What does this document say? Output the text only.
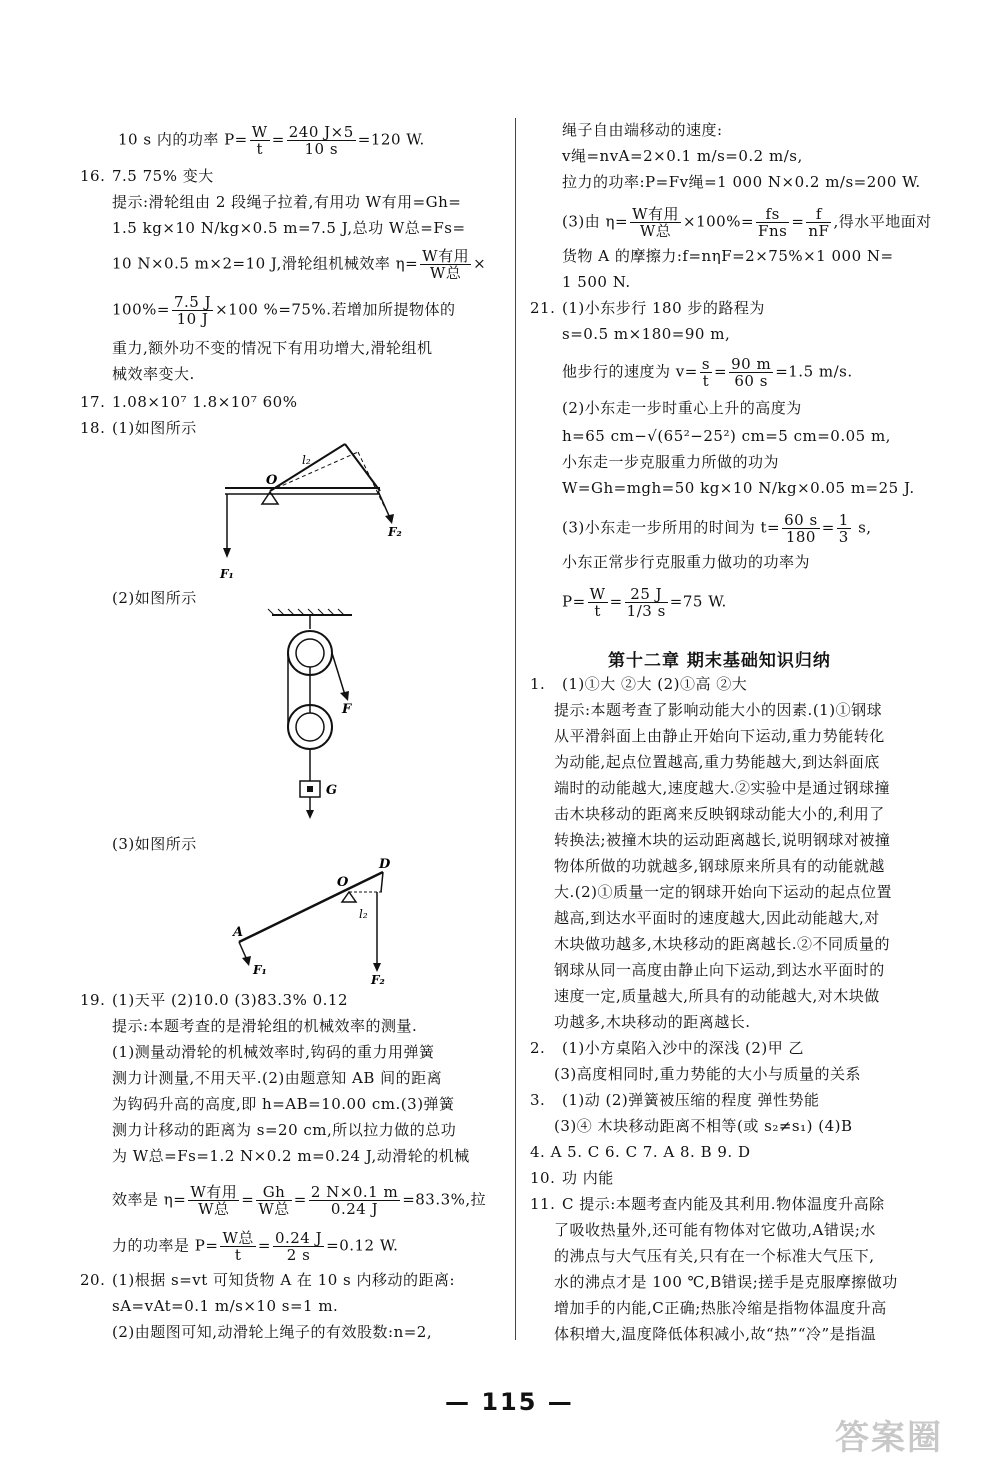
10 s 内的功率 $P= \frac{W}{t} = \frac{240 J\times 5}{10 s} =120$ W.
16. 7.5 75% 变大
提示:滑轮组由 2 段绳子拉着,有用功 W有用=Gh=
1.5 kg×10 N/kg×0.5 m=7.5 J,总功 W总=Fs=
10 N×0.5 m×2=10 J,滑轮组机械效率 $\eta= \frac{\text{W有用}}{\text{W总}}$ ×
$100\%= \frac{7.5 J}{10 J} \times 100$ %=75%.若增加所提物体的
重力,额外功不变的情况下有用功增大,滑轮组机
械效率变大.
17. 1.08×10⁷ 1.8×10⁷ 60%
18. (1)如图所示
O
l₂
F₁
F₂
(2)如图所示
F
G
(3)如图所示
D
O
A
l₂
F₁
F₂
19. (1)天平 (2)10.0 (3)83.3% 0.12
提示:本题考查的是滑轮组的机械效率的测量.
(1)测量动滑轮的机械效率时,钩码的重力用弹簧
测力计测量,不用天平.(2)由题意知 AB 间的距离
为钩码升高的高度,即 h=AB=10.00 cm.(3)弹簧
测力计移动的距离为 s=20 cm,所以拉力做的总功
为 W总=Fs=1.2 N×0.2 m=0.24 J,动滑轮的机械
效率是 $\eta= \frac{\text{W有用}}{\text{W总}} = \frac{Gh}{\text{W总}} = \frac{2 N\times 0.1 m}{0.24 J} =83.3\%$,拉
力的功率是 $P= \frac{\text{W总}}{t} = \frac{0.24 J}{2 s} =0.12$ W.
20. (1)根据 s=vt 可知货物 A 在 10 s 内移动的距离:
sA=vAt=0.1 m/s×10 s=1 m.
(2)由题图可知,动滑轮上绳子的有效股数:n=2,
绳子自由端移动的速度:
v绳=nvA=2×0.1 m/s=0.2 m/s,
拉力的功率:P=Fv绳=1 000 N×0.2 m/s=200 W.
(3)由 $\eta= \frac{\text{W有用}}{\text{W总}} \times 100\%= \frac{fs}{\text{Fns}} = \frac{f}{nF}$ ,得水平地面对
货物 A 的摩擦力:f=nηF=2×75%×1 000 N=
1 500 N.
21. (1)小东步行 180 步的路程为
s=0.5 m×180=90 m,
他步行的速度为 $v= \frac{s}{t} = \frac{90 m}{60 s} =1.5$ m/s.
(2)小东走一步时重心上升的高度为
h=65 cm−√(65²−25²) cm=5 cm=0.05 m,
小东走一步克服重力所做的功为
W=Gh=mgh=50 kg×10 N/kg×0.05 m=25 J.
(3)小东走一步所用的时间为 $t= \frac{60 s}{180} = \frac{1}{3} s$,
小东正常步行克服重力做功的功率为
$P= \frac{W}{t} = \frac{25 J}{1/3 s} =75$ W.
第十二章 期末基础知识归纳
1. (1)①大 ②大 (2)①高 ②大
提示:本题考查了影响动能大小的因素.(1)①钢球
从平滑斜面上由静止开始向下运动,重力势能转化
为动能,起点位置越高,重力势能越大,到达斜面底
端时的动能越大,速度越大.②实验中是通过钢球撞
击木块移动的距离来反映钢球动能大小的,利用了
转换法;被撞木块的运动距离越长,说明钢球对被撞
物体所做的功就越多,钢球原来所具有的动能就越
大.(2)①质量一定的钢球开始向下运动的起点位置
越高,到达水平面时的速度越大,因此动能越大,对
木块做功越多,木块移动的距离越长.②不同质量的
钢球从同一高度由静止向下运动,到达水平面时的
速度一定,质量越大,所具有的动能越大,对木块做
功越多,木块移动的距离越长.
2. (1)小方桌陷入沙中的深浅 (2)甲 乙
(3)高度相同时,重力势能的大小与质量的关系
3. (1)动 (2)弹簧被压缩的程度 弹性势能
(3)④ 木块移动距离不相等(或 s₂≠s₁) (4)B
4. A 5. C 6. C 7. A 8. B 9. D
10. 功 内能
11. C 提示:本题考查内能及其利用.物体温度升高除
了吸收热量外,还可能有物体对它做功,A错误;水
的沸点与大气压有关,只有在一个标准大气压下,
水的沸点才是 100 ℃,B错误;搓手是克服摩擦做功
增加手的内能,C正确;热胀冷缩是指物体温度升高
体积增大,温度降低体积减小,故“热”“冷”是指温
— 115 —
答案圈
